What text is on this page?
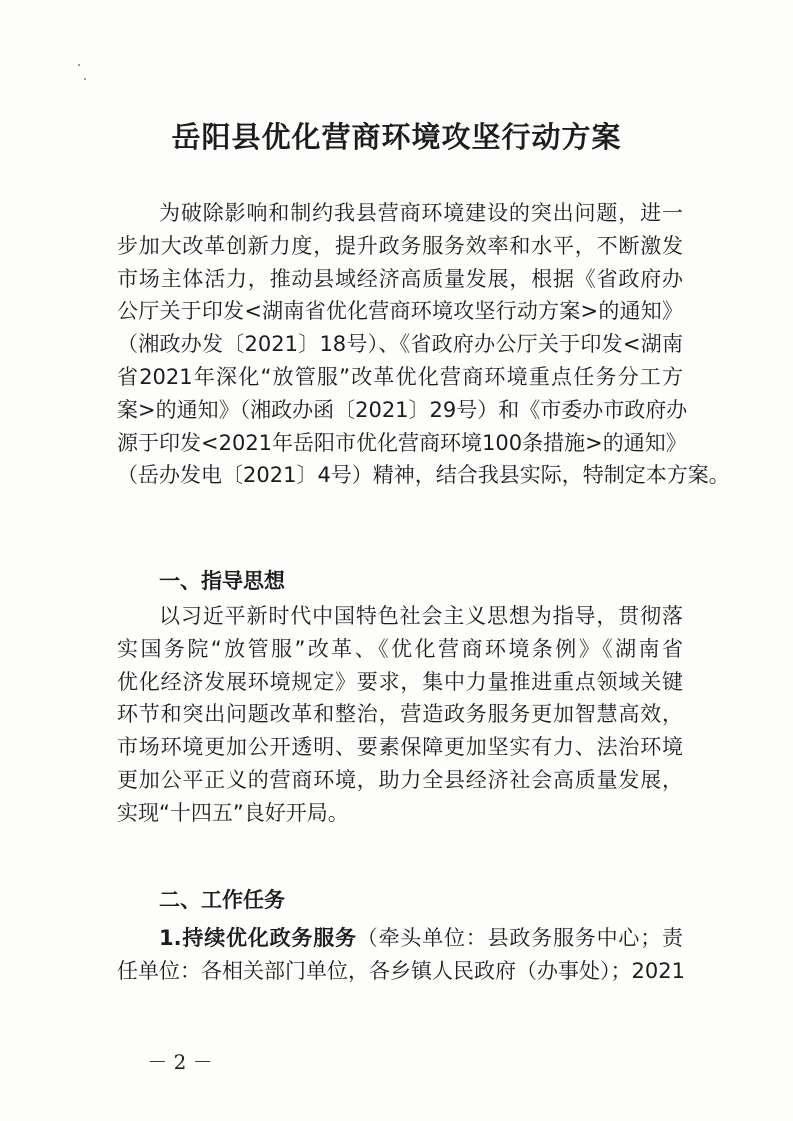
岳阳县优化营商环境攻坚行动方案
为破除影响和制约我县营商环境建设的突出问题，进一
步加大改革创新力度，提升政务服务效率和水平，不断激发
市场主体活力，推动县域经济高质量发展，根据《省政府办
公厅关于印发<湖南省优化营商环境攻坚行动方案>的通知》
（湘政办发〔2021〕18号）、《省政府办公厅关于印发<湖南
省2021年深化“放管服”改革优化营商环境重点任务分工方
案>的通知》（湘政办函〔2021〕29号）和《市委办市政府办
源于印发<2021年岳阳市优化营商环境100条措施>的通知》
（岳办发电〔2021〕4号）精神，结合我县实际，特制定本方案。
一、指导思想
以习近平新时代中国特色社会主义思想为指导，贯彻落
实国务院“放管服”改革、《优化营商环境条例》《湖南省
优化经济发展环境规定》要求，集中力量推进重点领域关键
环节和突出问题改革和整治，营造政务服务更加智慧高效，
市场环境更加公开透明、要素保障更加坚实有力、法治环境
更加公平正义的营商环境，助力全县经济社会高质量发展，
实现“十四五”良好开局。
二、工作任务
1.持续优化政务服务（牵头单位：县政务服务中心；责
任单位：各相关部门单位，各乡镇人民政府（办事处）；2021
－ 2 －
